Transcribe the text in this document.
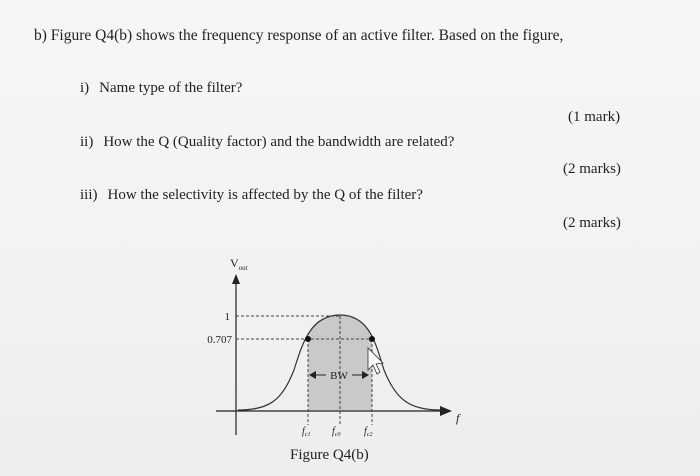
b) Figure Q4(b) shows the frequency response of an active filter. Based on the figure,
i) Name type of the filter?
(1 mark)
ii) How the Q (Quality factor) and the bandwidth are related?
(2 marks)
iii) How the selectivity is affected by the Q of the filter?
(2 marks)
BW
$V_{out}$
1
0.707
f
$f_{c1}$ $f_{c0}$ $f_{c2}$
Figure Q4(b)
